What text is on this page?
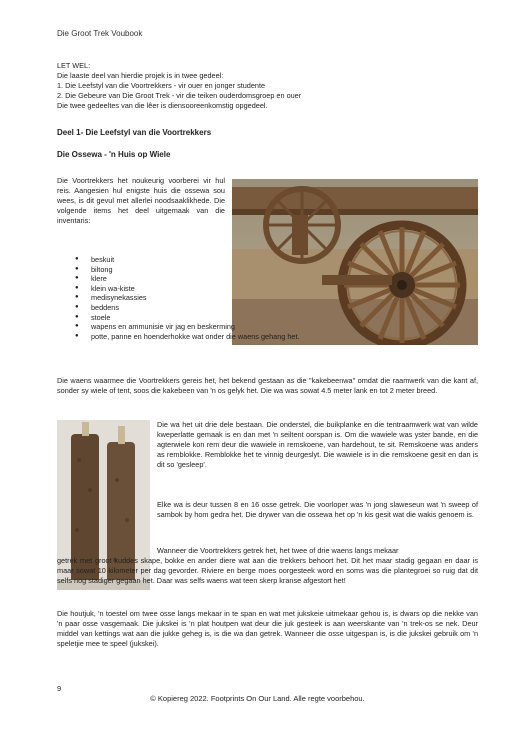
Die Groot Trek Voubook
LET WEL:
Die laaste deel van hierdie projek is in twee gedeel:
1. Die Leefstyl van die Voortrekkers - vir ouer en jonger studente
2. Die Gebeure van Die Groot Trek - vir die teiken ouderdomsgroep en ouer
Die twee gedeeltes van die lêer is diensooreenkomstig opgedeel.
Deel 1- Die Leefstyl van die Voortrekkers
Die Ossewa - 'n Huis op Wiele
Die Voortrekkers het noukeurig voorberei vir hul reis. Aangesien hul enigste huis die ossewa sou wees, is dit gevul met allerlei noodsaaklikhede. Die volgende items het deel uitgemaak van die inventaris:
● beskuit
● biltong
● klere
● klein wa-kiste
● medisynekassies
● beddens
● stoele
● wapens en ammunisie vir jag en beskerming
● potte, panne en hoenderhokke wat onder die waens gehang het.
Die waens waarmee die Voortrekkers gereis het, het bekend gestaan as die "kakebeenwa" omdat die raamwerk van die kant af, sonder sy wiele of tent, soos die kakebeen van 'n os gelyk het. Die wa was sowat 4.5 meter lank en tot 2 meter breed.
Die wa het uit drie dele bestaan. Die onderstel, die buikplanke en die tentraamwerk wat van wilde kweperlatte gemaak is en dan met 'n seiltent oorspan is. Om die wawiele was yster bande, en die agterwiele kon rem deur die wawiele in remskoene, van hardehout, te sit. Remskoene was anders as remblokke. Remblokke het te vinnig deurgeslyt. Die wawiele is in die remskoene gesit en dan is dit so 'gesleep'.
Elke wa is deur tussen 8 en 16 osse getrek. Die voorloper was 'n jong slaweseun wat 'n sweep of sambok by hom gedra het. Die drywer van die ossewa het op 'n kis gesit wat die wakis genoem is.
Wanneer die Voortrekkers getrek het, het twee of drie waens langs mekaar
getrek met groot kuddes skape, bokke en ander diere wat aan die trekkers behoort het. Dit het maar stadig gegaan en daar is maar sowat 10 kilometer per dag gevorder. Riviere en berge moes oorgesteek word en soms was die plantegroei so ruig dat dit selfs nog stadiger gegaan het. Daar was selfs waens wat teen skerp kranse afgestort het!
Die houtjuk, 'n toestel om twee osse langs mekaar in te span en wat met jukskeie uitmekaar gehou is, is dwars op die nekke van 'n paar osse vasgemaak. Die jukskei is 'n plat houtpen wat deur die juk gesteek is aan weerskante van 'n trek-os se nek. Deur middel van kettings wat aan die jukke geheg is, is die wa dan getrek. Wanneer die osse uitgespan is, is die jukskei gebruik om 'n speletjie mee te speel (jukskei).
9
© Kopiereg 2022. Footprints On Our Land. Alle regte voorbehou.
